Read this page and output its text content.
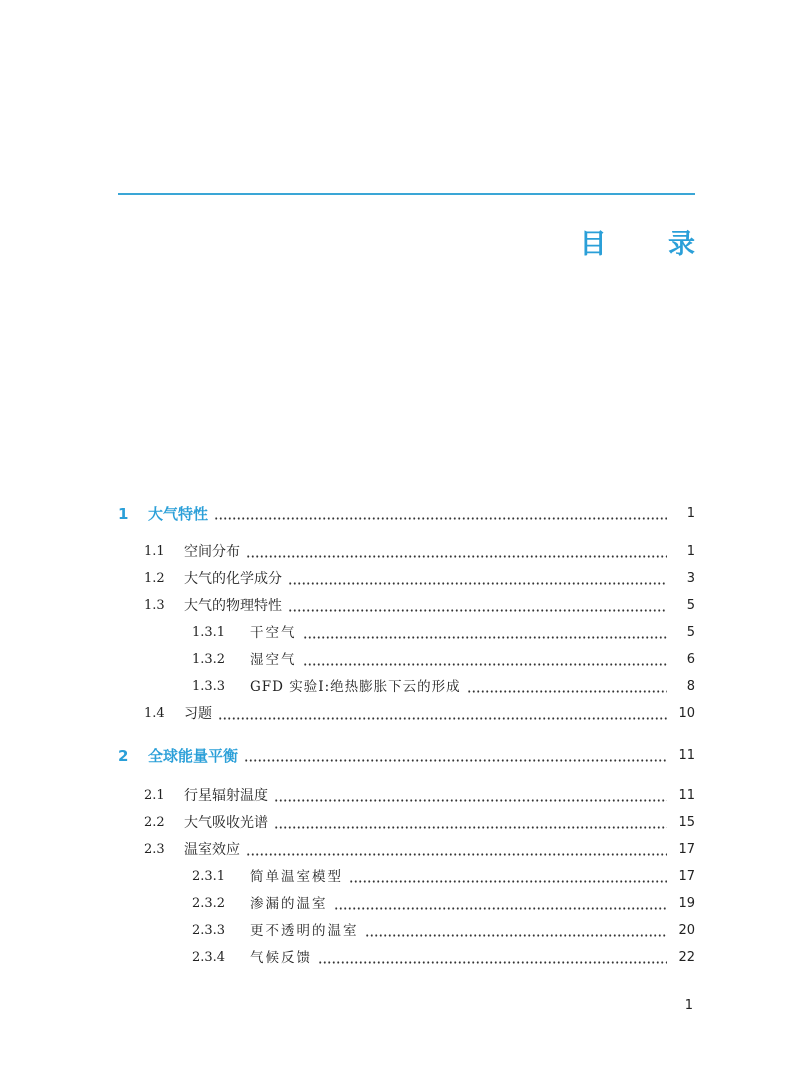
目 录
1	大气特性	1
1.1	空间分布	1
1.2	大气的化学成分	3
1.3	大气的物理特性	5
1.3.1	干空气	5
1.3.2	湿空气	6
1.3.3	GFD 实验Ⅰ:绝热膨胀下云的形成	8
1.4	习题	10
2	全球能量平衡	11
2.1	行星辐射温度	11
2.2	大气吸收光谱	15
2.3	温室效应	17
2.3.1	简单温室模型	17
2.3.2	渗漏的温室	19
2.3.3	更不透明的温室	20
2.3.4	气候反馈	22
1
